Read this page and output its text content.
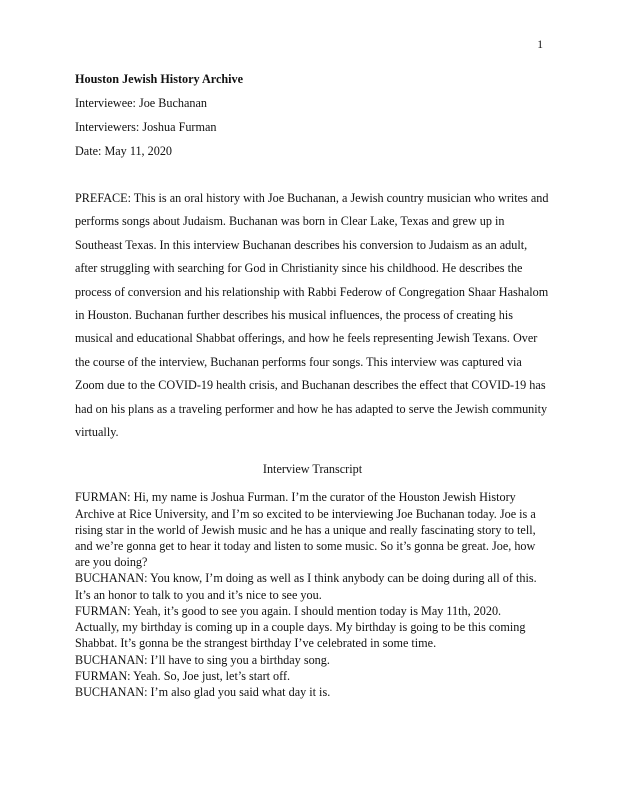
1
Houston Jewish History Archive
Interviewee: Joe Buchanan
Interviewers: Joshua Furman
Date: May 11, 2020
PREFACE: This is an oral history with Joe Buchanan, a Jewish country musician who writes and
performs songs about Judaism. Buchanan was born in Clear Lake, Texas and grew up in
Southeast Texas. In this interview Buchanan describes his conversion to Judaism as an adult,
after struggling with searching for God in Christianity since his childhood. He describes the
process of conversion and his relationship with Rabbi Federow of Congregation Shaar Hashalom
in Houston. Buchanan further describes his musical influences, the process of creating his
musical and educational Shabbat offerings, and how he feels representing Jewish Texans. Over
the course of the interview, Buchanan performs four songs. This interview was captured via
Zoom due to the COVID-19 health crisis, and Buchanan describes the effect that COVID-19 has
had on his plans as a traveling performer and how he has adapted to serve the Jewish community
virtually.
Interview Transcript
FURMAN: Hi, my name is Joshua Furman. I’m the curator of the Houston Jewish History
Archive at Rice University, and I’m so excited to be interviewing Joe Buchanan today. Joe is a
rising star in the world of Jewish music and he has a unique and really fascinating story to tell,
and we’re gonna get to hear it today and listen to some music. So it’s gonna be great. Joe, how
are you doing?
BUCHANAN: You know, I’m doing as well as I think anybody can be doing during all of this.
It’s an honor to talk to you and it’s nice to see you.
FURMAN: Yeah, it’s good to see you again. I should mention today is May 11th, 2020.
Actually, my birthday is coming up in a couple days. My birthday is going to be this coming
Shabbat. It’s gonna be the strangest birthday I’ve celebrated in some time.
BUCHANAN: I’ll have to sing you a birthday song.
FURMAN: Yeah. So, Joe just, let’s start off.
BUCHANAN: I’m also glad you said what day it is.
